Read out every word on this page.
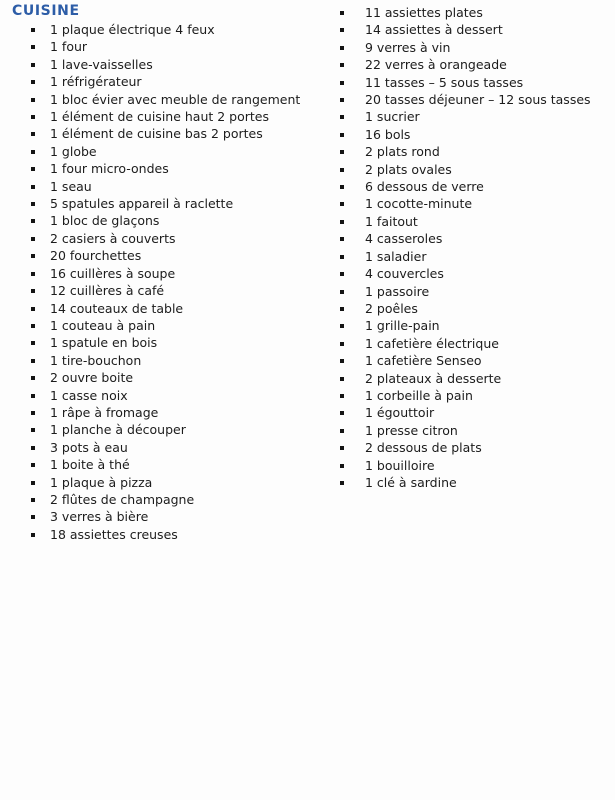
CUISINE
1 plaque électrique 4 feux
1 four
1 lave-vaisselles
1 réfrigérateur
1 bloc évier avec meuble de rangement
1 élément de cuisine haut 2 portes
1 élément de cuisine bas 2 portes
1 globe
1 four micro-ondes
1 seau
5 spatules appareil à raclette
1 bloc de glaçons
2 casiers à couverts
20 fourchettes
16 cuillères à soupe
12 cuillères à café
14 couteaux de table
1 couteau à pain
1 spatule en bois
1 tire-bouchon
2 ouvre boite
1 casse noix
1 râpe à fromage
1 planche à découper
3 pots à eau
1 boite à thé
1 plaque à pizza
2 flûtes de champagne
3 verres à bière
18 assiettes creuses
11 assiettes plates
14 assiettes à dessert
9 verres à vin
22 verres à orangeade
11 tasses – 5 sous tasses
20 tasses déjeuner – 12 sous tasses
1 sucrier
16 bols
2 plats rond
2 plats ovales
6 dessous de verre
1 cocotte-minute
1 faitout
4 casseroles
1 saladier
4 couvercles
1 passoire
2 poêles
1 grille-pain
1 cafetière électrique
1 cafetière Senseo
2 plateaux à desserte
1 corbeille à pain
1 égouttoir
1 presse citron
2 dessous de plats
1 bouilloire
1 clé à sardine
